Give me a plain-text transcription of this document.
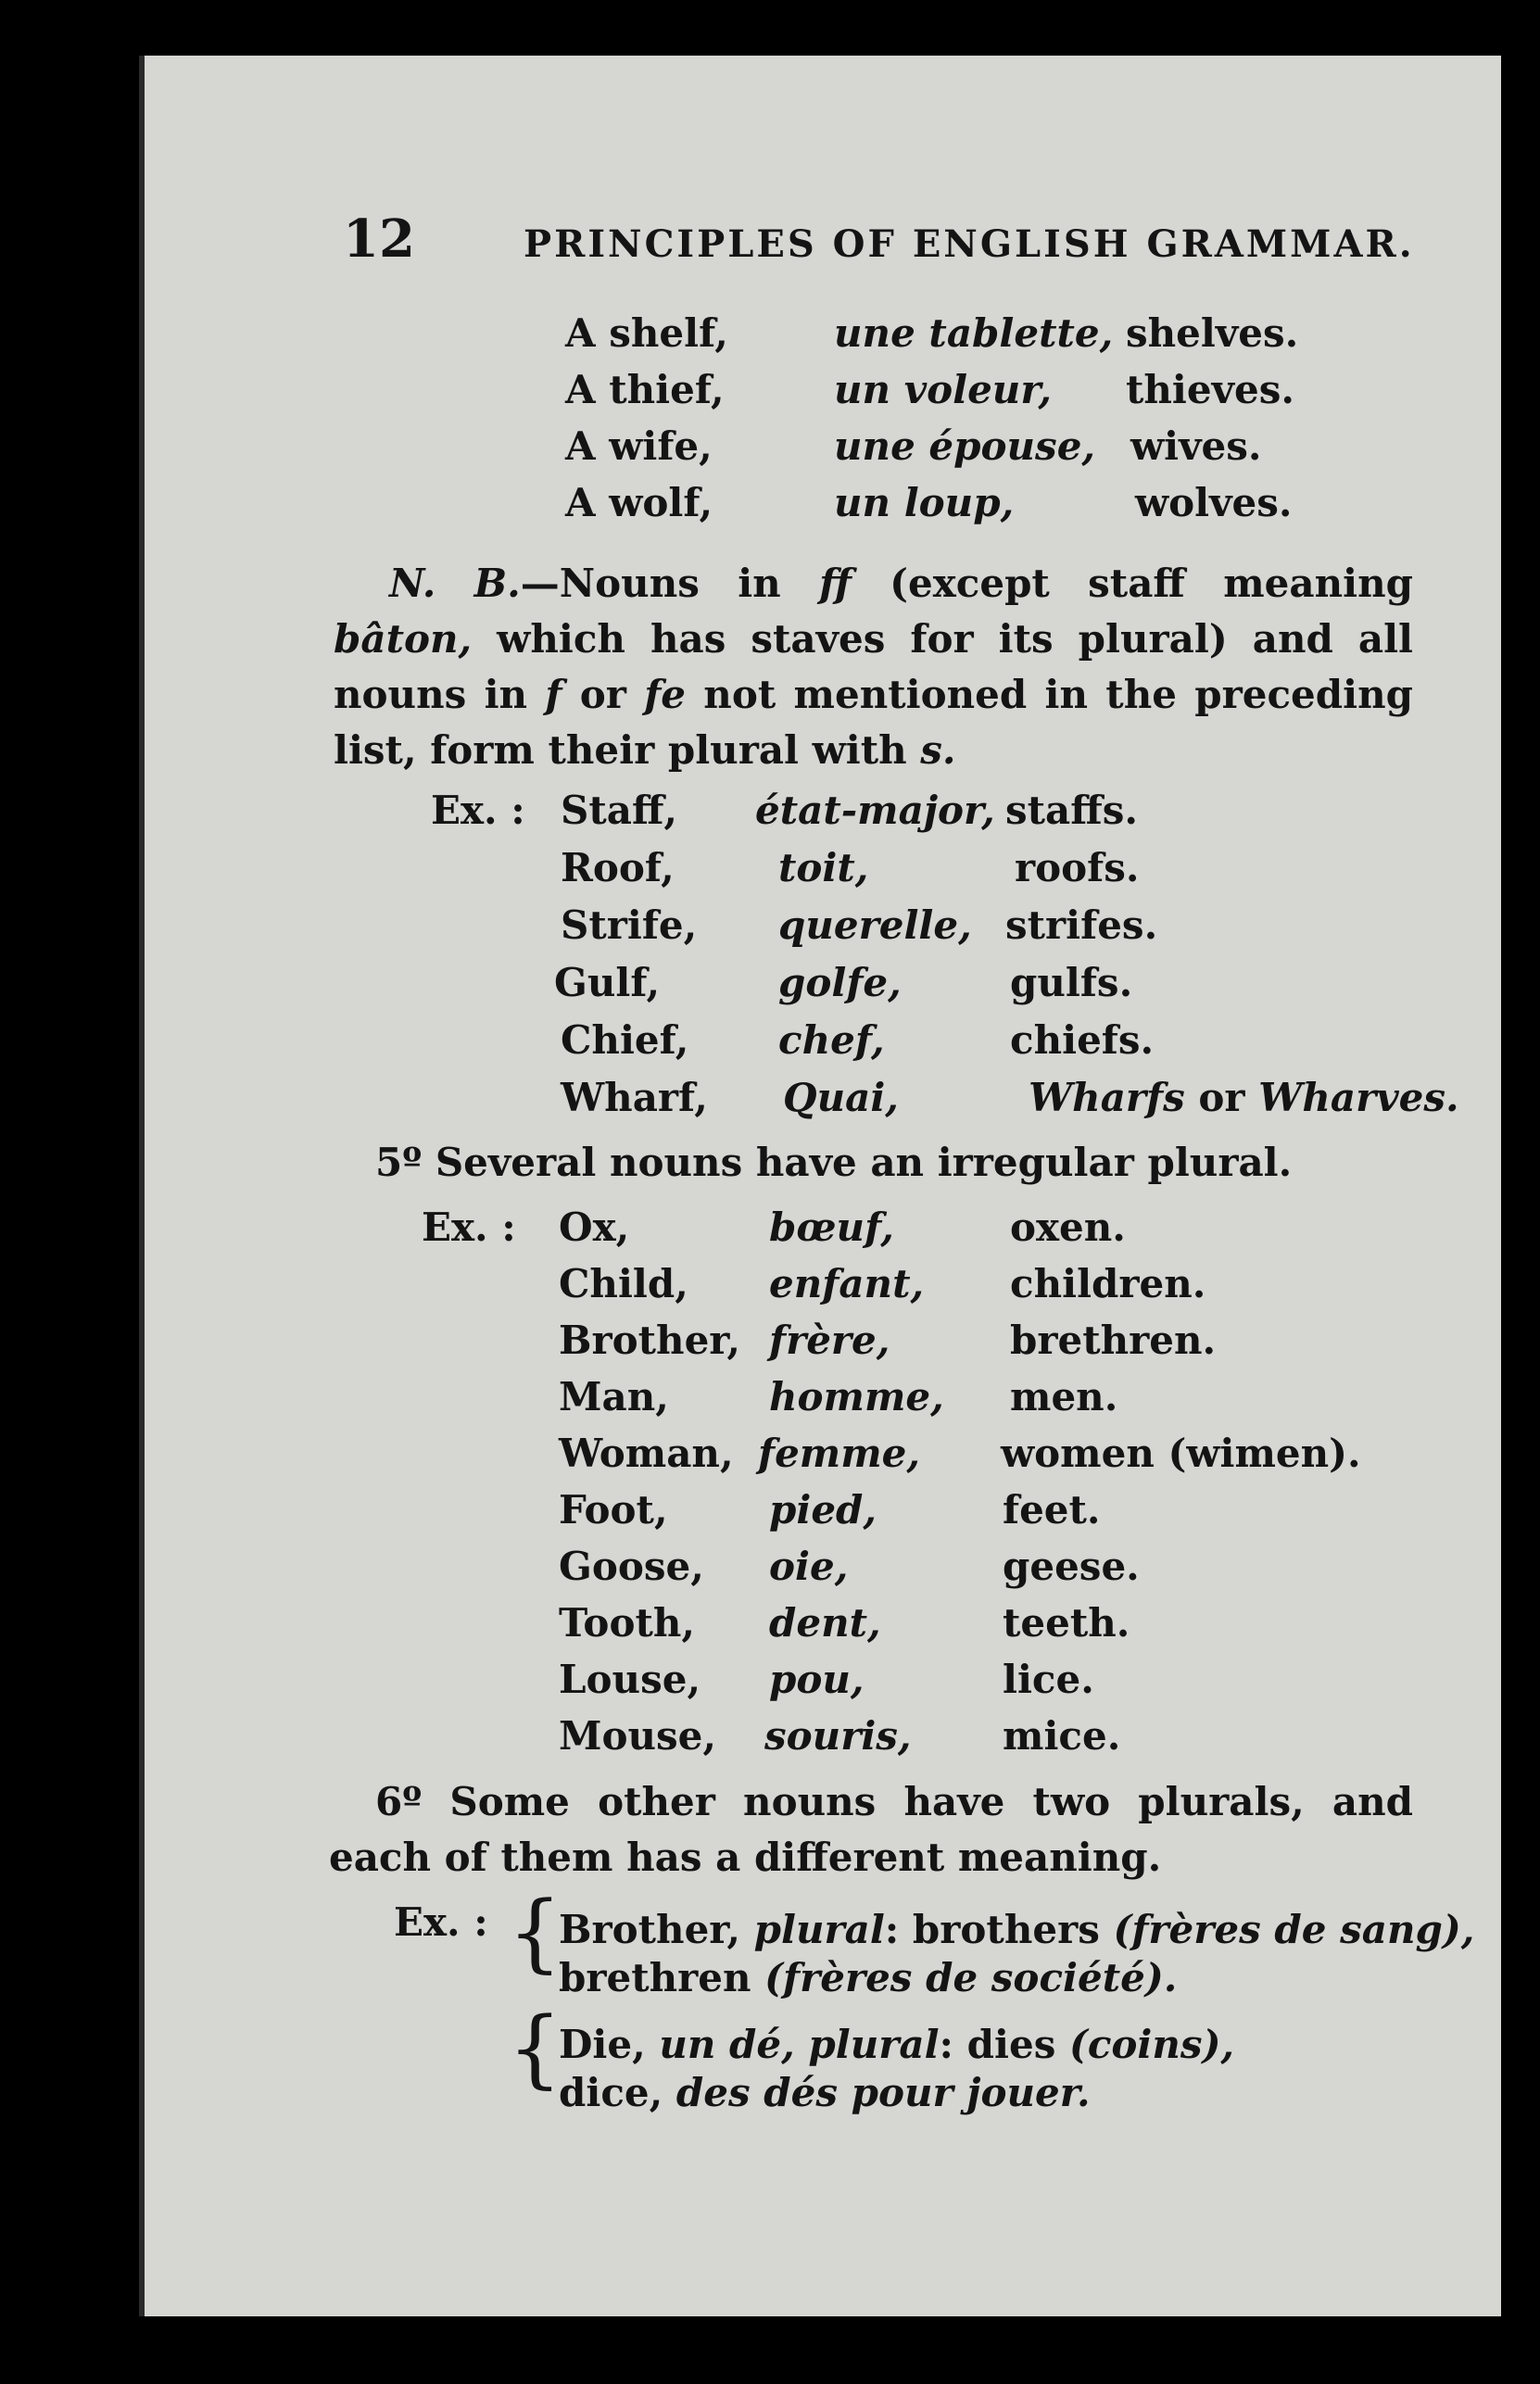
12	PRINCIPLES OF ENGLISH GRAMMAR.
A shelf,	une tablette, shelves.
A thief,	un voleur, thieves.
A wife,	une épouse, wives.
A wolf,	un loup,	wolves.
N. B.—Nouns in ff (except staff meaning bâton, which has staves for its plural) and all nouns in f or fe not mentioned in the preceding list, form their plural with s.
Ex. : Staff, état-major, staffs.
Roof,	toit,	roofs.
Strife, querelle, strifes.
Gulf,	golfe,	gulfs.
Chief, chef,	chiefs.
Wharf, Quai,	Wharfs or Wharves.
5º Several nouns have an irregular plural.
Ex. : Ox,	bœuf,	oxen.
Child, enfant, children.
Brother, frère,	brethren.
Man,	homme, men.
Woman, femme, women (wimen).
Foot,	pied,	feet.
Goose, oie,	geese.
Tooth, dent,	teeth.
Louse, pou,	lice.
Mouse, souris, mice.
6º Some other nouns have two plurals, and each of them has a different meaning.
Ex. : {
Brother, plural: brothers (frères de sang),
brethren (frères de société).
{
Die, un dé, plural: dies (coins),
dice, des dés pour jouer.
